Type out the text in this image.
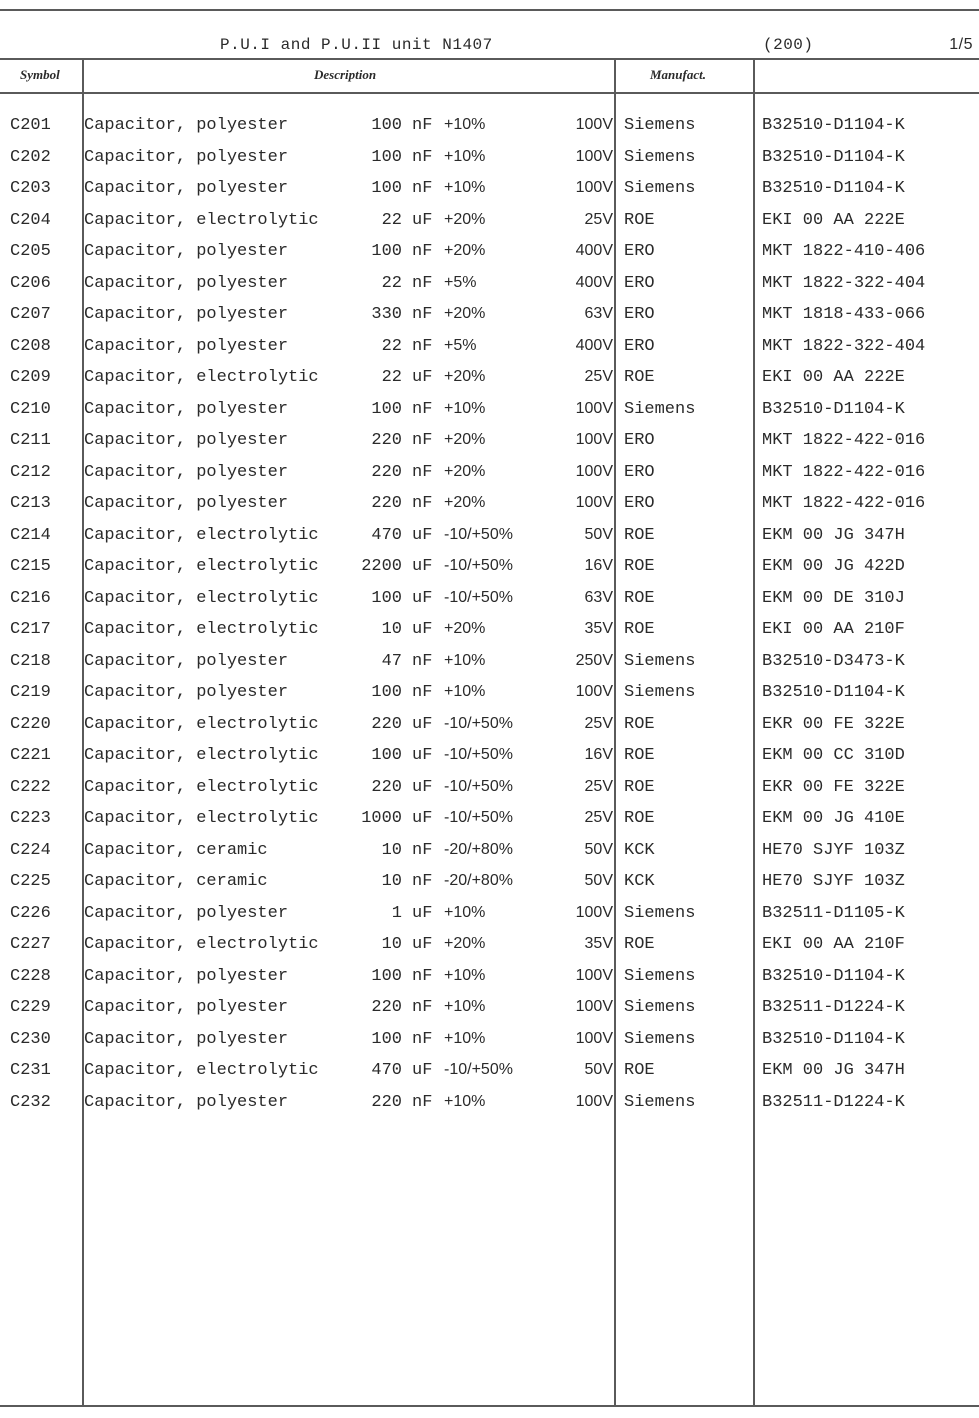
P.U.I and P.U.II unit N1407	(200)	1/5
Symbol	Description	Manufact.
C201 Capacitor, polyester	100 nF +10%	100V Siemens	B32510-D1104-K
C202 Capacitor, polyester	100 nF +10%	100V Siemens	B32510-D1104-K
C203 Capacitor, polyester	100 nF +10%	100V Siemens	B32510-D1104-K
C204 Capacitor, electrolytic	22 uF +20%	25V ROE	EKI 00 AA 222E
C205 Capacitor, polyester	100 nF +20%	400V ERO	MKT 1822-410-406
C206 Capacitor, polyester	22 nF +5%	400V ERO	MKT 1822-322-404
C207 Capacitor, polyester	330 nF +20%	63V ERO	MKT 1818-433-066
C208 Capacitor, polyester	22 nF +5%	400V ERO	MKT 1822-322-404
C209 Capacitor, electrolytic	22 uF +20%	25V ROE	EKI 00 AA 222E
C210 Capacitor, polyester	100 nF +10%	100V Siemens	B32510-D1104-K
C211 Capacitor, polyester	220 nF +20%	100V ERO	MKT 1822-422-016
C212 Capacitor, polyester	220 nF +20%	100V ERO	MKT 1822-422-016
C213 Capacitor, polyester	220 nF +20%	100V ERO	MKT 1822-422-016
C214 Capacitor, electrolytic	470 uF -10/+50%	50V ROE	EKM 00 JG 347H
C215 Capacitor, electrolytic	2200 uF -10/+50%	16V ROE	EKM 00 JG 422D
C216 Capacitor, electrolytic	100 uF -10/+50%	63V ROE	EKM 00 DE 310J
C217 Capacitor, electrolytic	10 uF +20%	35V ROE	EKI 00 AA 210F
C218 Capacitor, polyester	47 nF +10%	250V Siemens	B32510-D3473-K
C219 Capacitor, polyester	100 nF +10%	100V Siemens	B32510-D1104-K
C220 Capacitor, electrolytic	220 uF -10/+50%	25V ROE	EKR 00 FE 322E
C221 Capacitor, electrolytic	100 uF -10/+50%	16V ROE	EKM 00 CC 310D
C222 Capacitor, electrolytic	220 uF -10/+50%	25V ROE	EKR 00 FE 322E
C223 Capacitor, electrolytic	1000 uF -10/+50%	25V ROE	EKM 00 JG 410E
C224 Capacitor, ceramic	10 nF -20/+80%	50V KCK	HE70 SJYF 103Z
C225 Capacitor, ceramic	10 nF -20/+80%	50V KCK	HE70 SJYF 103Z
C226 Capacitor, polyester	1 uF +10%	100V Siemens	B32511-D1105-K
C227 Capacitor, electrolytic	10 uF +20%	35V ROE	EKI 00 AA 210F
C228 Capacitor, polyester	100 nF +10%	100V Siemens	B32510-D1104-K
C229 Capacitor, polyester	220 nF +10%	100V Siemens	B32511-D1224-K
C230 Capacitor, polyester	100 nF +10%	100V Siemens	B32510-D1104-K
C231 Capacitor, electrolytic	470 uF -10/+50%	50V ROE	EKM 00 JG 347H
C232 Capacitor, polyester	220 nF +10%	100V Siemens	B32511-D1224-K
